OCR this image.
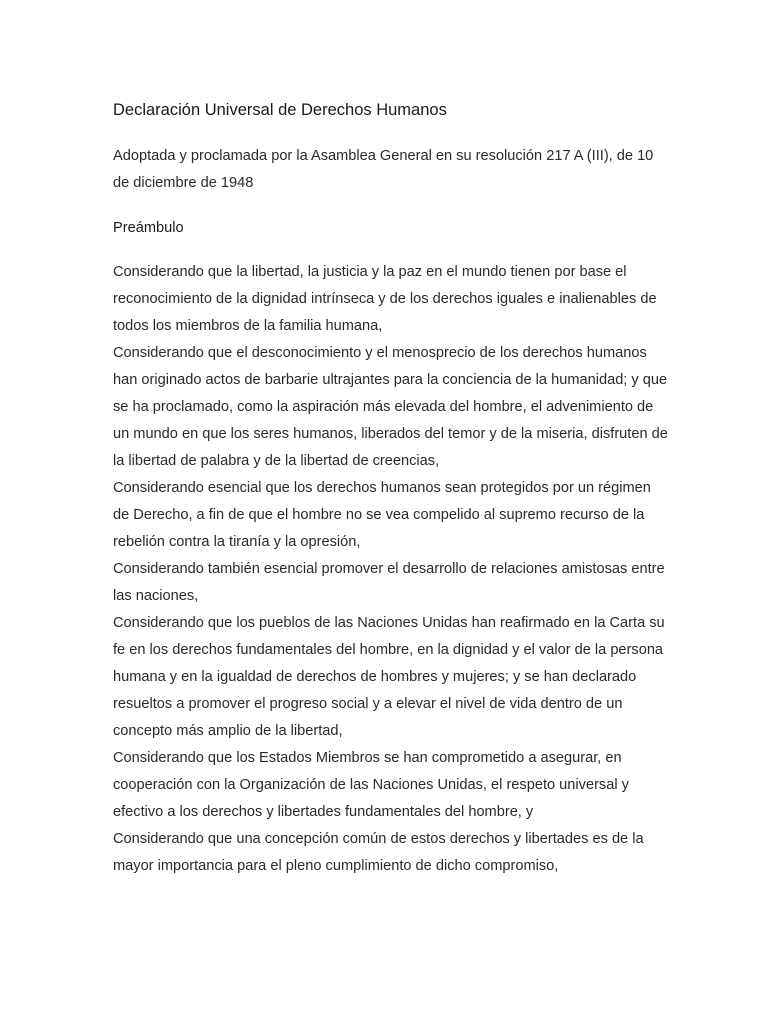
Declaración Universal de Derechos Humanos

Adoptada y proclamada por la Asamblea General en su resolución 217 A (III), de 10 de diciembre de 1948

Preámbulo

Considerando que la libertad, la justicia y la paz en el mundo tienen por base el reconocimiento de la dignidad intrínseca y de los derechos iguales e inalienables de todos los miembros de la familia humana,

Considerando que el desconocimiento y el menosprecio de los derechos humanos han originado actos de barbarie ultrajantes para la conciencia de la humanidad; y que se ha proclamado, como la aspiración más elevada del hombre, el advenimiento de un mundo en que los seres humanos, liberados del temor y de la miseria, disfruten de la libertad de palabra y de la libertad de creencias,

Considerando esencial que los derechos humanos sean protegidos por un régimen de Derecho, a fin de que el hombre no se vea compelido al supremo recurso de la rebelión contra la tiranía y la opresión,

Considerando también esencial promover el desarrollo de relaciones amistosas entre las naciones,

Considerando que los pueblos de las Naciones Unidas han reafirmado en la Carta su fe en los derechos fundamentales del hombre, en la dignidad y el valor de la persona humana y en la igualdad de derechos de hombres y mujeres; y se han declarado resueltos a promover el progreso social y a elevar el nivel de vida dentro de un concepto más amplio de la libertad,

Considerando que los Estados Miembros se han comprometido a asegurar, en cooperación con la Organización de las Naciones Unidas, el respeto universal y efectivo a los derechos y libertades fundamentales del hombre, y

Considerando que una concepción común de estos derechos y libertades es de la mayor importancia para el pleno cumplimiento de dicho compromiso,
